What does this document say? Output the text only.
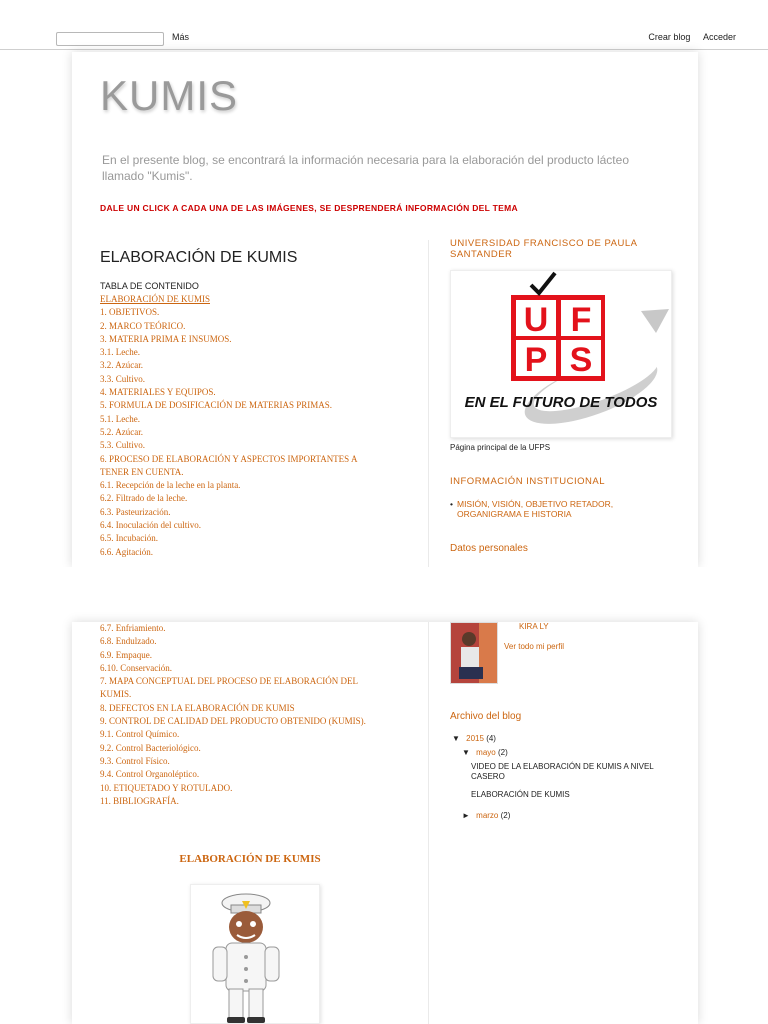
Más	Crear blog Acceder
KUMIS
En el presente blog, se encontrará la información necesaria para la elaboración del producto lácteo llamado "Kumis".
DALE UN CLICK A CADA UNA DE LAS IMÁGENES, SE DESPRENDERÁ INFORMACIÓN DEL TEMA
ELABORACIÓN DE KUMIS
TABLA DE CONTENIDO
ELABORACIÓN DE KUMIS
1. OBJETIVOS.
2. MARCO TEÓRICO.
3. MATERIA PRIMA E INSUMOS.
3.1. Leche.
3.2. Azúcar.
3.3. Cultivo.
4. MATERIALES Y EQUIPOS.
5. FORMULA DE DOSIFICACIÓN DE MATERIAS PRIMAS.
5.1. Leche.
5.2. Azúcar.
5.3. Cultivo.
6. PROCESO DE ELABORACIÓN Y ASPECTOS IMPORTANTES A
TENER EN CUENTA.
6.1. Recepción de la leche en la planta.
6.2. Filtrado de la leche.
6.3. Pasteurización.
6.4. Inoculación del cultivo.
6.5. Incubación.
6.6. Agitación.
UNIVERSIDAD FRANCISCO DE PAULA SANTANDER
U F
P S
EN EL FUTURO DE TODOS
Página principal de la UFPS
INFORMACIÓN INSTITUCIONAL
• MISIÓN, VISIÓN, OBJETIVO RETADOR, ORGANIGRAMA E HISTORIA
Datos personales
6.7. Enfriamiento.
6.8. Endulzado.
6.9. Empaque.
6.10. Conservación.
7. MAPA CONCEPTUAL DEL PROCESO DE ELABORACIÓN DEL
KUMIS.
8. DEFECTOS EN LA ELABORACIÓN DE KUMIS
9. CONTROL DE CALIDAD DEL PRODUCTO OBTENIDO (KUMIS).
9.1. Control Químico.
9.2. Control Bacteriológico.
9.3. Control Físico.
9.4. Control Organoléptico.
10. ETIQUETADO Y ROTULADO.
11. BIBLIOGRAFÍA.
ELABORACIÓN DE KUMIS
KIRA LY
Ver todo mi perfil
Archivo del blog
▼ 2015 (4)
▼ mayo (2)
VIDEO DE LA ELABORACIÓN DE KUMIS A NIVEL CASERO
ELABORACIÓN DE KUMIS
► marzo (2)
